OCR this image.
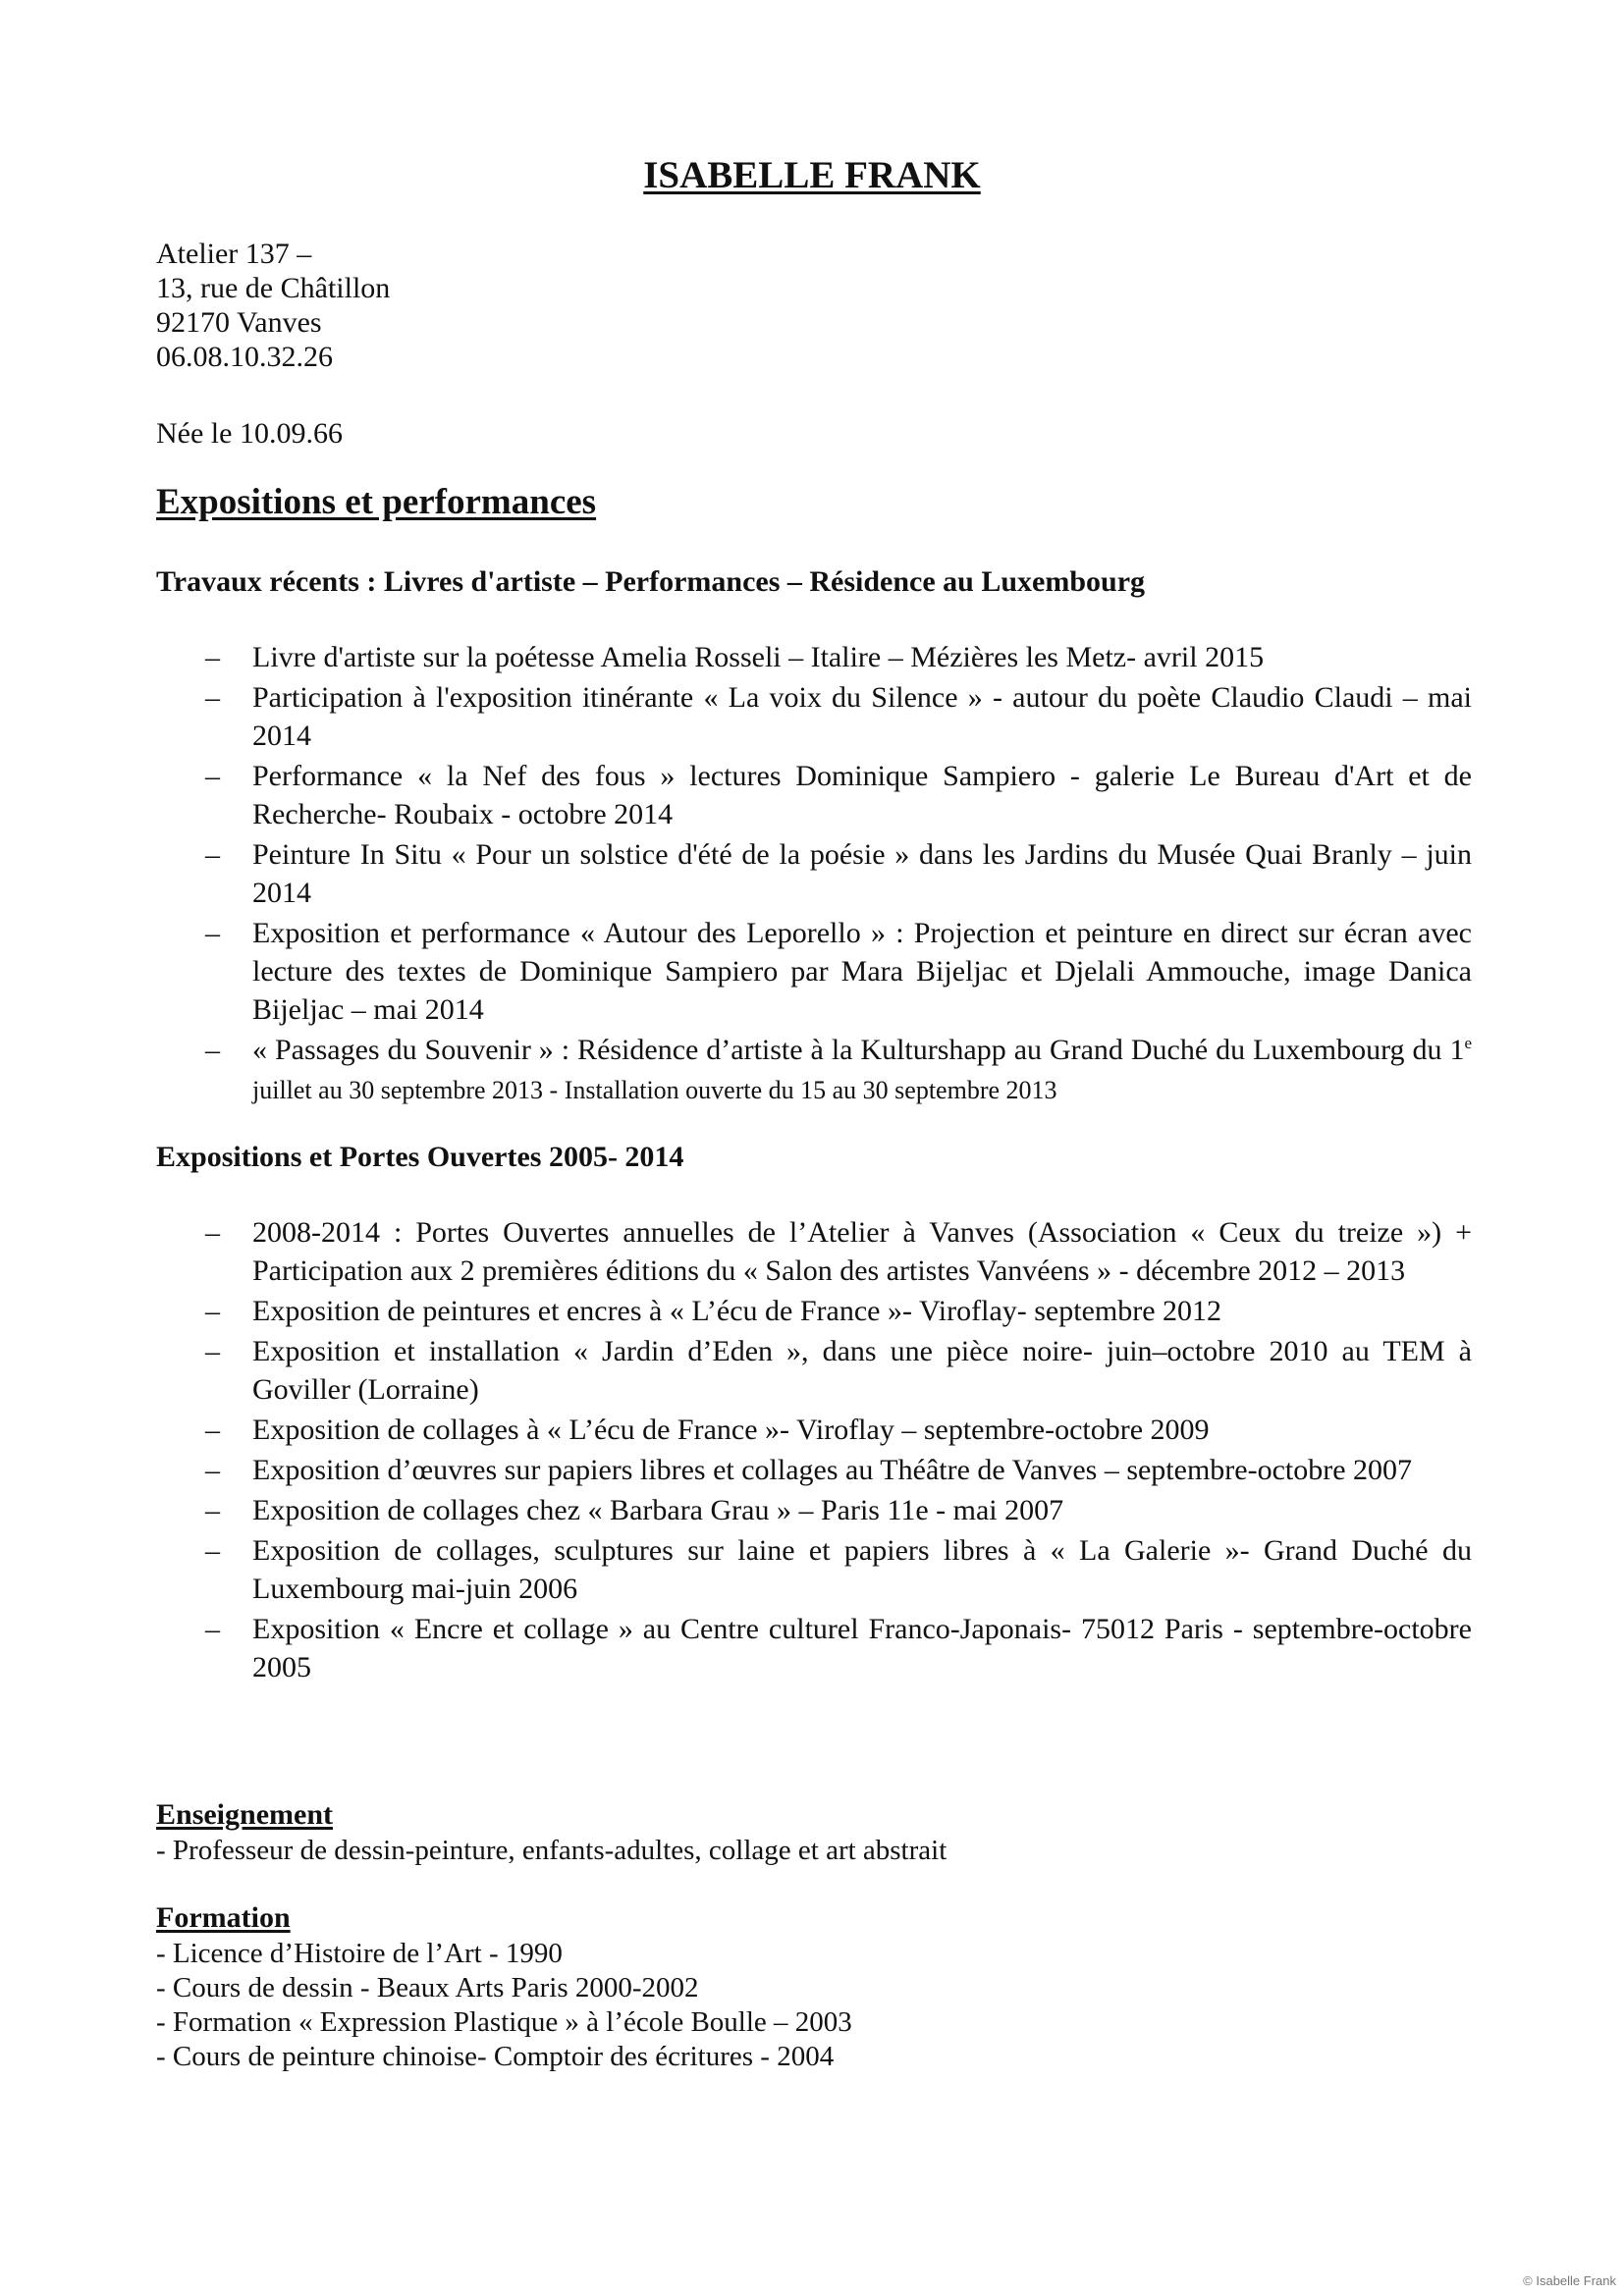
ISABELLE FRANK
Atelier 137 –
13, rue de Châtillon
92170 Vanves
06.08.10.32.26
Née le 10.09.66
Expositions et performances
Travaux récents : Livres d'artiste – Performances – Résidence au Luxembourg
– Livre d'artiste sur la poétesse Amelia Rosseli – Italire – Mézières les Metz- avril 2015
– Participation à l'exposition itinérante « La voix du Silence » - autour du poète Claudio Claudi – mai 2014
– Performance « la Nef des fous » lectures Dominique Sampiero - galerie Le Bureau d'Art et de Recherche- Roubaix - octobre 2014
– Peinture In Situ « Pour un solstice d'été de la poésie » dans les Jardins du Musée Quai Branly – juin 2014
– Exposition et performance « Autour des Leporello » : Projection et peinture en direct sur écran avec lecture des textes de Dominique Sampiero par Mara Bijeljac et Djelali Ammouche, image Danica Bijeljac – mai 2014
– « Passages du Souvenir » : Résidence d’artiste à la Kulturshapp au Grand Duché du Luxembourg du 1e juillet au 30 septembre 2013 - Installation ouverte du 15 au 30 septembre 2013
Expositions et Portes Ouvertes 2005- 2014
– 2008-2014 : Portes Ouvertes annuelles de l’Atelier à Vanves (Association « Ceux du treize ») + Participation aux 2 premières éditions du « Salon des artistes Vanvéens » - décembre 2012 – 2013
– Exposition de peintures et encres à « L’écu de France »- Viroflay- septembre 2012
– Exposition et installation « Jardin d’Eden », dans une pièce noire- juin–octobre 2010 au TEM à Goviller (Lorraine)
– Exposition de collages à « L’écu de France »- Viroflay – septembre-octobre 2009
– Exposition d’œuvres sur papiers libres et collages au Théâtre de Vanves – septembre-octobre 2007
– Exposition de collages chez « Barbara Grau » – Paris 11e - mai 2007
– Exposition de collages, sculptures sur laine et papiers libres à « La Galerie »- Grand Duché du Luxembourg mai-juin 2006
– Exposition « Encre et collage » au Centre culturel Franco-Japonais- 75012 Paris - septembre-octobre 2005
Enseignement
- Professeur de dessin-peinture, enfants-adultes, collage et art abstrait
Formation
- Licence d’Histoire de l’Art - 1990
- Cours de dessin - Beaux Arts Paris 2000-2002
- Formation « Expression Plastique » à l’école Boulle – 2003
- Cours de peinture chinoise- Comptoir des écritures - 2004
© Isabelle Frank
